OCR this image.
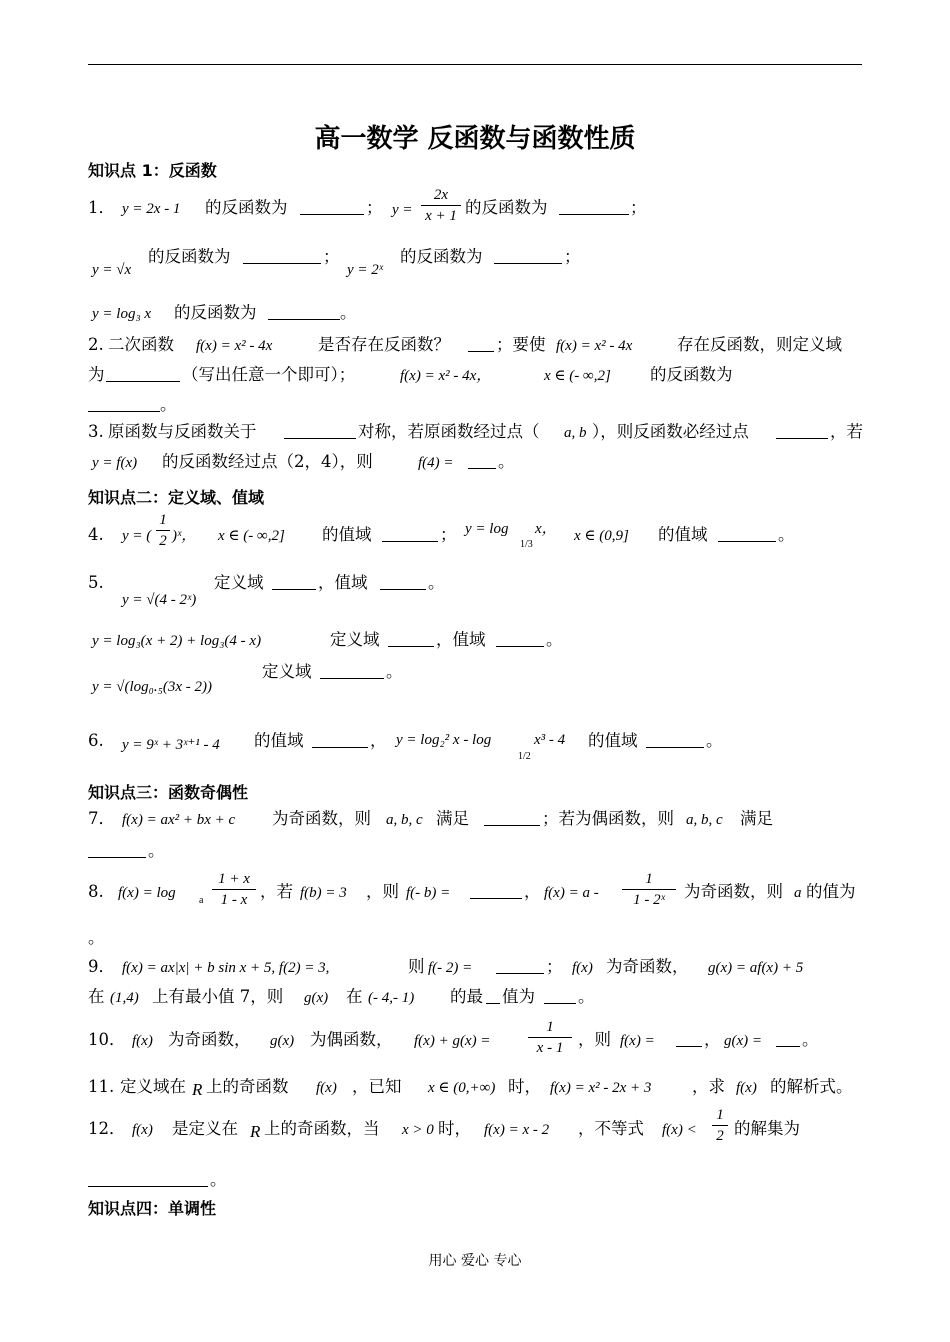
高一数学 反函数与函数性质
知识点 1：反函数
1． y = 2x - 1 的反函数为	； $y = \frac{2x}{x + 1}$ 的反函数为	；
y = √x
的反函数为	；
y = 2ˣ
的反函数为	；
y = log₃ x 的反函数为	。
2. 二次函数 f(x) = x² - 4x	是否存在反函数？	；要使 f(x) = x² - 4x	存在反函数，则定义域
为	（写出任意一个即可）；	f(x) = x² - 4x，	x ∈ (- ∞,2] 的反函数为
。
3. 原函数与反函数关于	对称，若原函数经过点（ a, b ），则反函数必经过点	，若
y = f(x) 的反函数经过点（2，4），则	f(4) =	。
知识点二：定义域、值域
4. y = ( $\frac{1}{2}$ )ˣ， x ∈ (- ∞,2] 的值域	； y = log
1/3
x， x ∈ (0,9] 的值域	。
5.
y = √(4 - 2ˣ)
定义域	，值域	。
y = log₃(x + 2) + log₃(4 - x)	定义域	，值域	。
y = √(log₀.₅(3x - 2))
定义域	。
6. y = 9ˣ + 3ˣ⁺¹ - 4 的值域	， y = log₂² x - log
1/2
x³ - 4 的值域	。
知识点三：函数奇偶性
7． f(x) = ax² + bx + c 为奇函数，则 a, b, c 满足	；若为偶函数，则 a, b, c 满足
。
8. f(x) = log a $\frac{1 + x}{1 - x}$ ，若 f(b) = 3 ，则 f(- b) =	， $f(x) = a - \frac{1}{\text{1 - 2ˣ}}$ 为奇函数，则 a 的值为
。
9． f(x) = ax|x| + b sin x + 5, f(2) = 3,	则 f(- 2) =	； f(x) 为奇函数， g(x) = af(x) + 5
在 (1,4) 上有最小值 7，则 g(x) 在 (- 4,- 1) 的最 值为	。
10． f(x) 为奇函数， g(x) 为偶函数， f(x) + g(x) =	$\frac{1}{x - 1}$ ，则 f(x) =	， g(x) = 。
11. 定义域在 R 上的奇函数 f(x) ，已知 x ∈ (0,+∞) 时， f(x) = x² - 2x + 3 ，求 f(x) 的解析式。
12． f(x) 是定义在 R 上的奇函数，当 x > 0 时， f(x) = x - 2 ，不等式 $f(x) < \frac{1}{2}$ 的解集为
。
知识点四：单调性
用心 爱心 专心
